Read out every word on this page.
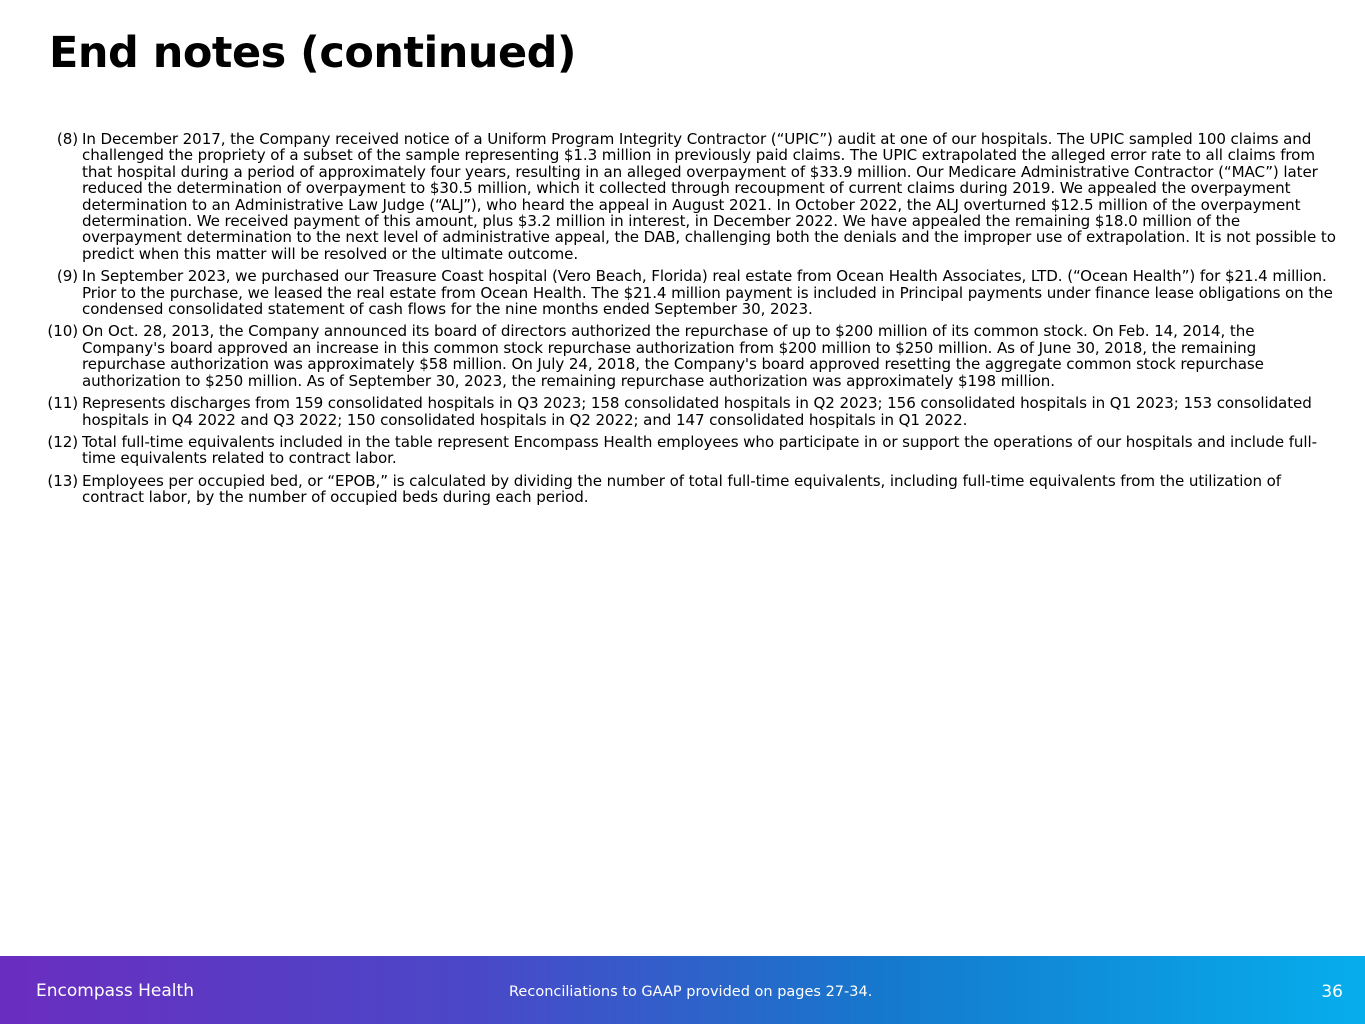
End notes (continued)
(8) In December 2017, the Company received notice of a Uniform Program Integrity Contractor (“UPIC”) audit at one of our hospitals. The UPIC sampled 100 claims and challenged the propriety of a subset of the sample representing $1.3 million in previously paid claims. The UPIC extrapolated the alleged error rate to all claims from that hospital during a period of approximately four years, resulting in an alleged overpayment of $33.9 million. Our Medicare Administrative Contractor (“MAC”) later reduced the determination of overpayment to $30.5 million, which it collected through recoupment of current claims during 2019. We appealed the overpayment determination to an Administrative Law Judge (“ALJ”), who heard the appeal in August 2021. In October 2022, the ALJ overturned $12.5 million of the overpayment determination. We received payment of this amount, plus $3.2 million in interest, in December 2022. We have appealed the remaining $18.0 million of the overpayment determination to the next level of administrative appeal, the DAB, challenging both the denials and the improper use of extrapolation. It is not possible to predict when this matter will be resolved or the ultimate outcome.
(9) In September 2023, we purchased our Treasure Coast hospital (Vero Beach, Florida) real estate from Ocean Health Associates, LTD. (“Ocean Health”) for $21.4 million. Prior to the purchase, we leased the real estate from Ocean Health. The $21.4 million payment is included in Principal payments under finance lease obligations on the condensed consolidated statement of cash flows for the nine months ended September 30, 2023.
(10) On Oct. 28, 2013, the Company announced its board of directors authorized the repurchase of up to $200 million of its common stock. On Feb. 14, 2014, the Company's board approved an increase in this common stock repurchase authorization from $200 million to $250 million. As of June 30, 2018, the remaining repurchase authorization was approximately $58 million. On July 24, 2018, the Company's board approved resetting the aggregate common stock repurchase authorization to $250 million. As of September 30, 2023, the remaining repurchase authorization was approximately $198 million.
(11) Represents discharges from 159 consolidated hospitals in Q3 2023; 158 consolidated hospitals in Q2 2023; 156 consolidated hospitals in Q1 2023; 153 consolidated hospitals in Q4 2022 and Q3 2022; 150 consolidated hospitals in Q2 2022; and 147 consolidated hospitals in Q1 2022.
(12) Total full-time equivalents included in the table represent Encompass Health employees who participate in or support the operations of our hospitals and include full-time equivalents related to contract labor.
(13) Employees per occupied bed, or “EPOB,” is calculated by dividing the number of total full-time equivalents, including full-time equivalents from the utilization of contract labor, by the number of occupied beds during each period.
Encompass Health	Reconciliations to GAAP provided on pages 27-34.	36
